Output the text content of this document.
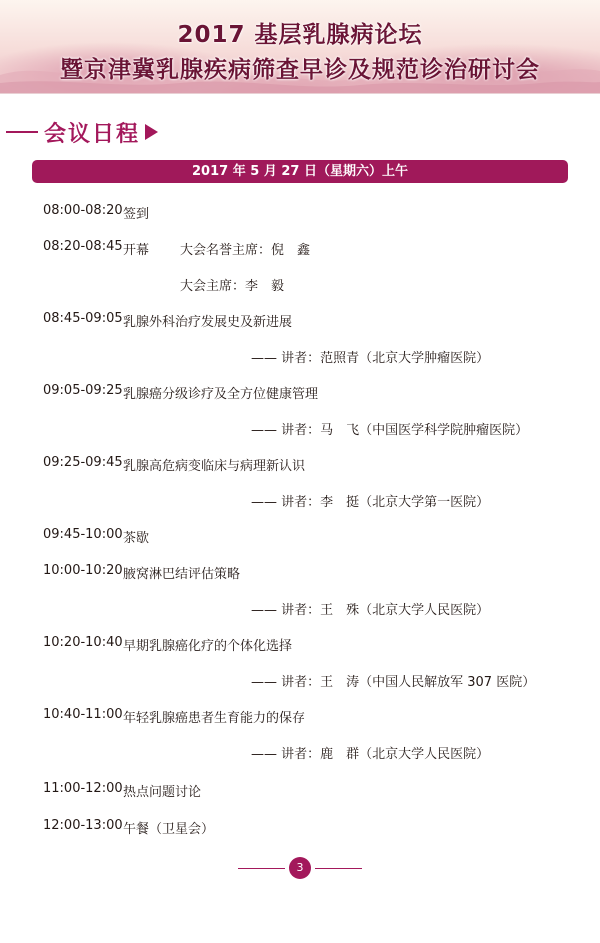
2017 基层乳腺病论坛
暨京津冀乳腺疾病筛查早诊及规范诊治研讨会
会议日程
2017 年 5 月 27 日（星期六）上午
08:00-08:20 签到
08:20-08:45 开幕 大会名誉主席：倪　鑫
大会主席：李　毅
08:45-09:05 乳腺外科治疗发展史及新进展
—— 讲者：范照青（北京大学肿瘤医院）
09:05-09:25 乳腺癌分级诊疗及全方位健康管理
—— 讲者：马　飞（中国医学科学院肿瘤医院）
09:25-09:45 乳腺高危病变临床与病理新认识
—— 讲者：李　挺（北京大学第一医院）
09:45-10:00 茶歇
10:00-10:20 腋窝淋巴结评估策略
—— 讲者：王　殊（北京大学人民医院）
10:20-10:40 早期乳腺癌化疗的个体化选择
—— 讲者：王　涛（中国人民解放军 307 医院）
10:40-11:00 年轻乳腺癌患者生育能力的保存
—— 讲者：鹿　群（北京大学人民医院）
11:00-12:00 热点问题讨论
12:00-13:00 午餐（卫星会）
3
